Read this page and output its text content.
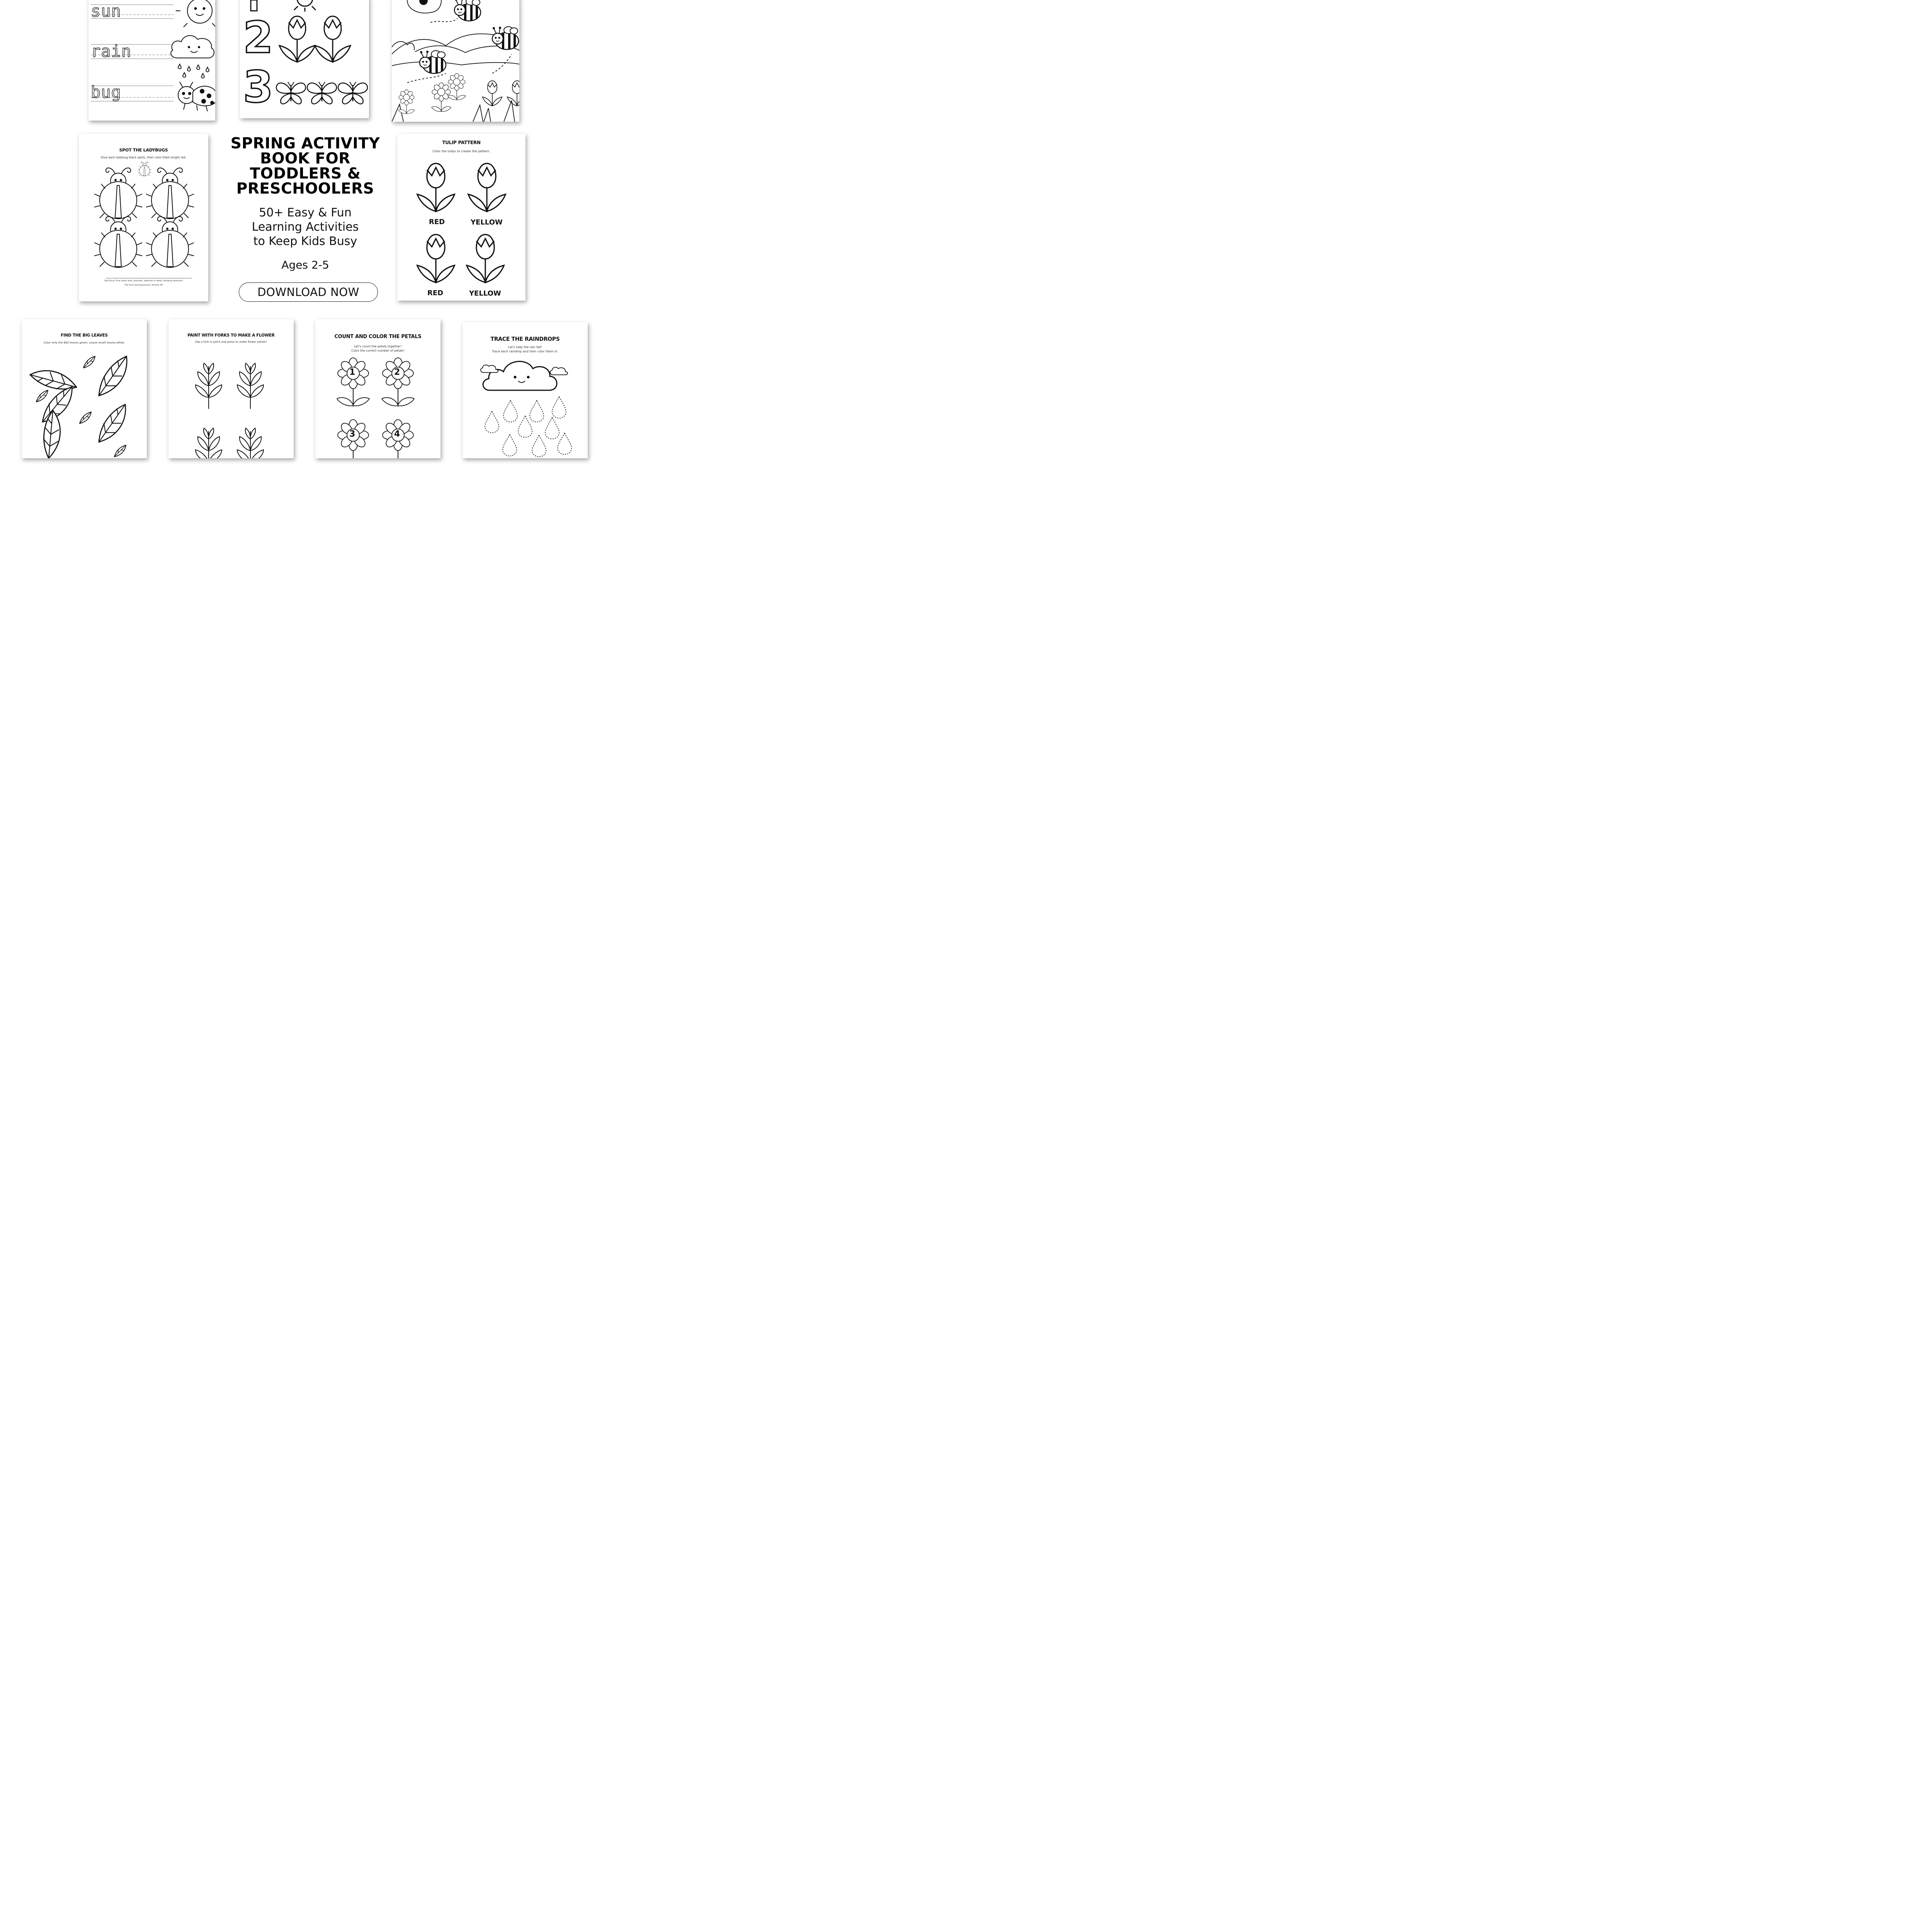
sun
rain
bug
2
3
SPOT THE LADYBUGS
Give each ladybug black spots, then color them bright red.
Skill Focus: Fine motor skills, precision, attention to detail, following directions
The Tiny Learning Journal | Activity 49
SPRING ACTIVITY
BOOK FOR
TODDLERS &
PRESCHOOLERS
50+ Easy & Fun
Learning Activities
to Keep Kids Busy
Ages 2-5
DOWNLOAD NOW
TULIP PATTERN
Color the tulips to create the pattern.
RED	YELLOW
RED	YELLOW
FIND THE BIG LEAVES
Color only the BIG leaves green. Leave small leaves white.
PAINT WITH FORKS TO MAKE A FLOWER
Dip a fork in paint and press to make flower petals!
COUNT AND COLOR THE PETALS
Let's count the petals together!
Color the correct number of petals!
1	2
3	4
TRACE THE RAINDROPS
Let's help the rain fall!
Trace each raindrop and then color them in.
